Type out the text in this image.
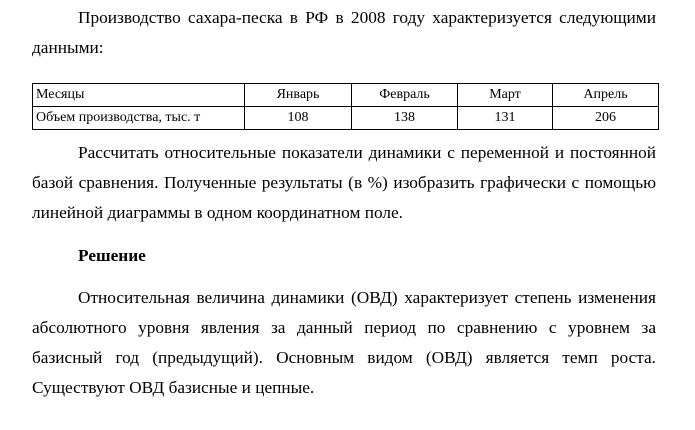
Производство сахара-песка в РФ в 2008 году характеризуется следующими данными:

Месяцы	Январь	Февраль	Март	Апрель
Объем производства, тыс. т	108	138	131	206

Рассчитать относительные показатели динамики с переменной и постоянной базой сравнения. Полученные результаты (в %) изобразить графически с помощью линейной диаграммы в одном координатном поле.

Решение

Относительная величина динамики (ОВД) характеризует степень изменения абсолютного уровня явления за данный период по сравнению с уровнем за базисный год (предыдущий). Основным видом (ОВД) является темп роста. Существуют ОВД базисные и цепные.
